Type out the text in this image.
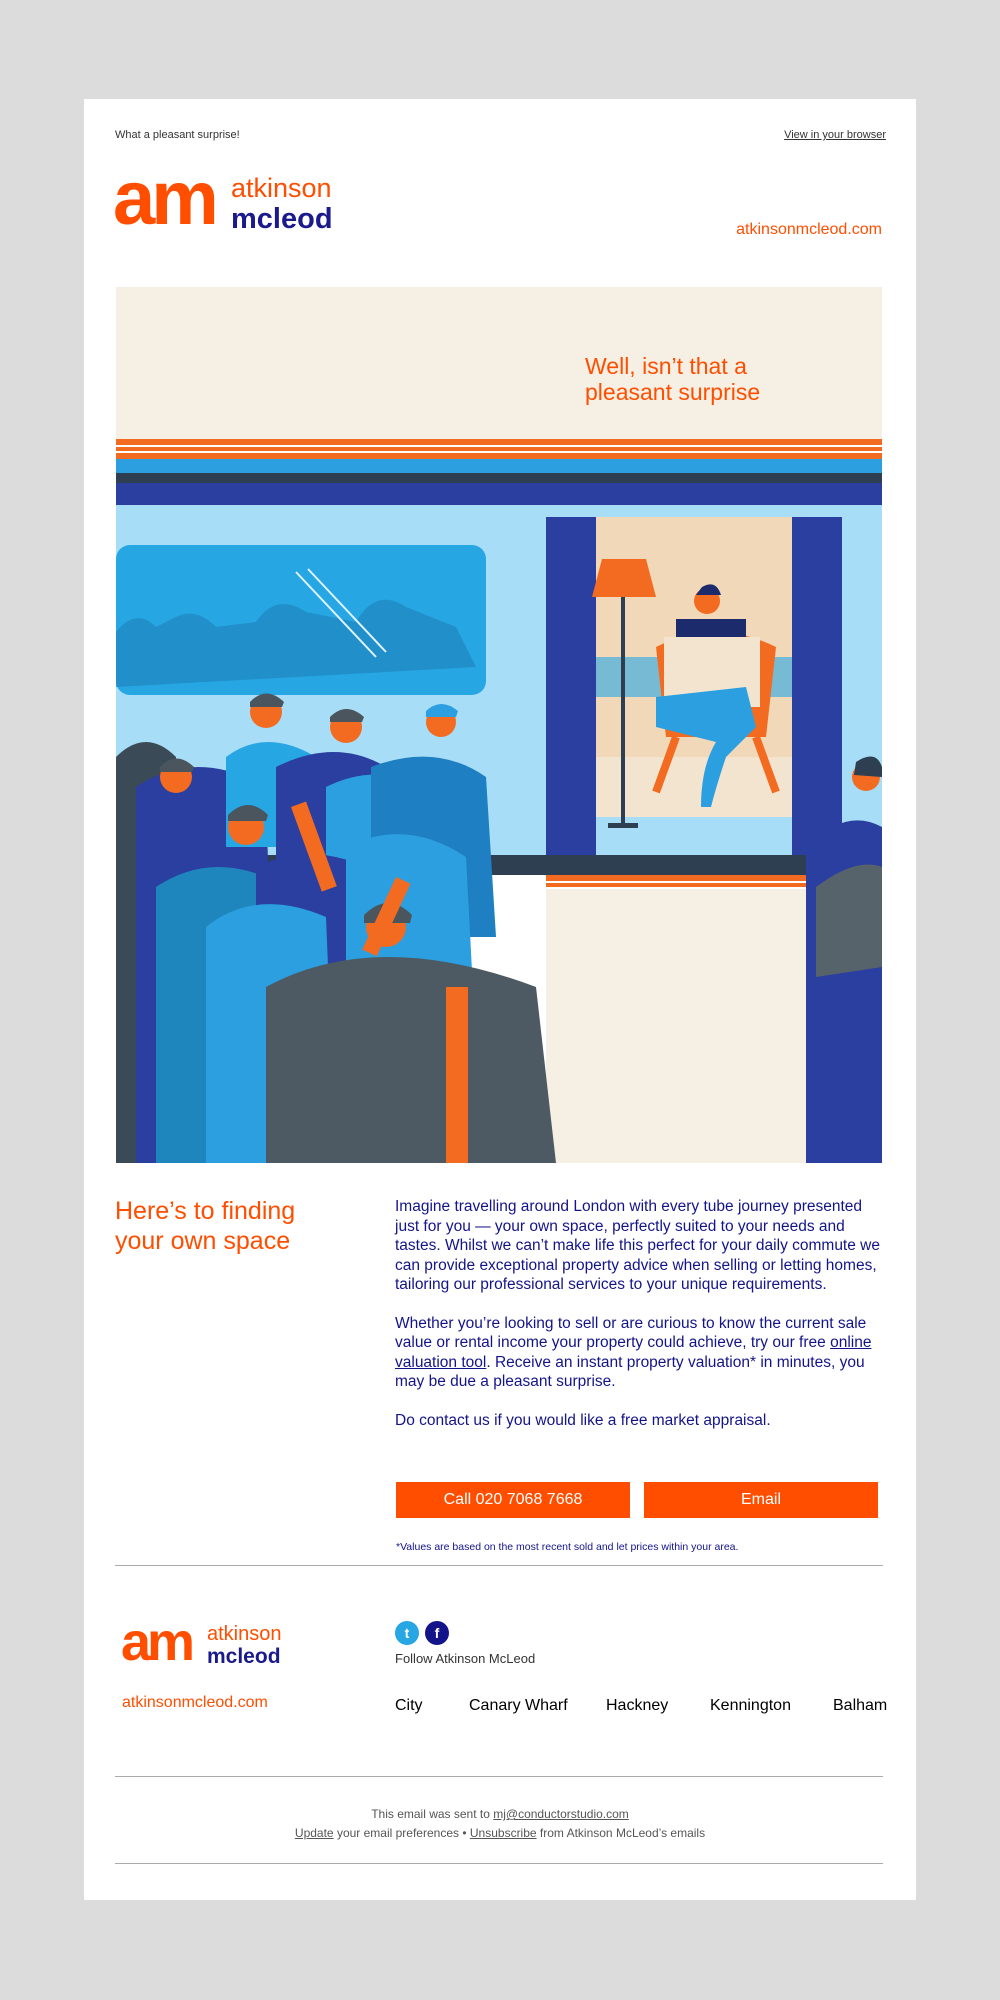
What a pleasant surprise!	View in your browser
am atkinson
mcleod	atkinsonmcleod.com
Well, isn’t that a
pleasant surprise
Here’s to finding
your own space

Imagine travelling around London with every tube journey presented just for you — your own space, perfectly suited to your needs and tastes. Whilst we can’t make life this perfect for your daily commute we can provide exceptional property advice when selling or letting homes, tailoring our professional services to your unique requirements.

Whether you’re looking to sell or are curious to know the current sale value or rental income your property could achieve, try our free online valuation tool. Receive an instant property valuation* in minutes, you may be due a pleasant surprise.

Do contact us if you would like a free market appraisal.

Call 020 7068 7668	Email
*Values are based on the most recent sold and let prices within your area.
am atkinson
mcleod
atkinsonmcleod.com
t f
Follow Atkinson McLeod
City	Canary Wharf Hackney	Kennington	Balham
This email was sent to mj@conductorstudio.com
Update your email preferences • Unsubscribe from Atkinson McLeod’s emails
